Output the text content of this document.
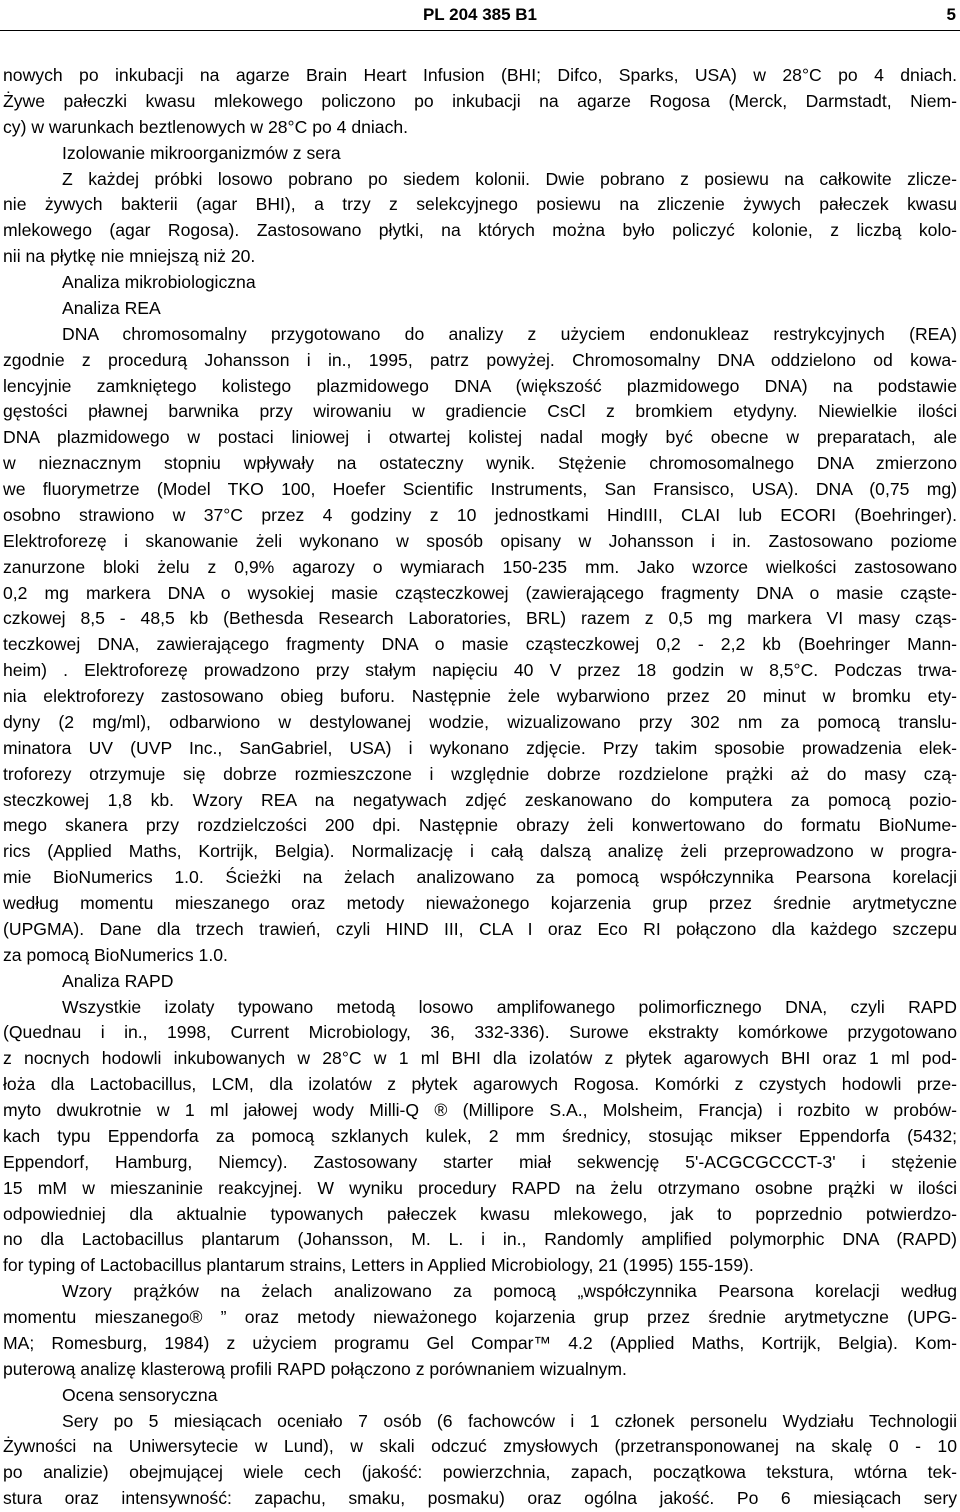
PL 204 385 B1	5
nowych po inkubacji na agarze Brain Heart Infusion (BHI; Difco, Sparks, USA) w 28°C po 4 dniach.
Żywe pałeczki kwasu mlekowego policzono po inkubacji na agarze Rogosa (Merck, Darmstadt, Niem-
cy) w warunkach beztlenowych w 28°C po 4 dniach.
Izolowanie mikroorganizmów z sera
Z każdej próbki losowo pobrano po siedem kolonii. Dwie pobrano z posiewu na całkowite zlicze-
nie żywych bakterii (agar BHI), a trzy z selekcyjnego posiewu na zliczenie żywych pałeczek kwasu
mlekowego (agar Rogosa). Zastosowano płytki, na których można było policzyć kolonie, z liczbą kolo-
nii na płytkę nie mniejszą niż 20.
Analiza mikrobiologiczna
Analiza REA
DNA chromosomalny przygotowano do analizy z użyciem endonukleaz restrykcyjnych (REA)
zgodnie z procedurą Johansson i in., 1995, patrz powyżej. Chromosomalny DNA oddzielono od kowa-
lencyjnie zamkniętego kolistego plazmidowego DNA (większość plazmidowego DNA) na podstawie
gęstości pławnej barwnika przy wirowaniu w gradiencie CsCl z bromkiem etydyny. Niewielkie ilości
DNA plazmidowego w postaci liniowej i otwartej kolistej nadal mogły być obecne w preparatach, ale
w nieznacznym stopniu wpływały na ostateczny wynik. Stężenie chromosomalnego DNA zmierzono
we fluorymetrze (Model TKO 100, Hoefer Scientific Instruments, San Fransisco, USA). DNA (0,75 mg)
osobno strawiono w 37°C przez 4 godziny z 10 jednostkami HindIII, CLAI lub ECORI (Boehringer).
Elektroforezę i skanowanie żeli wykonano w sposób opisany w Johansson i in. Zastosowano poziome
zanurzone bloki żelu z 0,9% agarozy o wymiarach 150-235 mm. Jako wzorce wielkości zastosowano
0,2 mg markera DNA o wysokiej masie cząsteczkowej (zawierającego fragmenty DNA o masie cząste-
czkowej 8,5 - 48,5 kb (Bethesda Research Laboratories, BRL) razem z 0,5 mg markera VI masy cząs-
teczkowej DNA, zawierającego fragmenty DNA o masie cząsteczkowej 0,2 - 2,2 kb (Boehringer Mann-
heim) . Elektroforezę prowadzono przy stałym napięciu 40 V przez 18 godzin w 8,5°C. Podczas trwa-
nia elektroforezy zastosowano obieg buforu. Następnie żele wybarwiono przez 20 minut w bromku ety-
dyny (2 mg/ml), odbarwiono w destylowanej wodzie, wizualizowano przy 302 nm za pomocą translu-
minatora UV (UVP Inc., SanGabriel, USA) i wykonano zdjęcie. Przy takim sposobie prowadzenia elek-
troforezy otrzymuje się dobrze rozmieszczone i względnie dobrze rozdzielone prążki aż do masy czą-
steczkowej 1,8 kb. Wzory REA na negatywach zdjęć zeskanowano do komputera za pomocą pozio-
mego skanera przy rozdzielczości 200 dpi. Następnie obrazy żeli konwertowano do formatu BioNume-
rics (Applied Maths, Kortrijk, Belgia). Normalizację i całą dalszą analizę żeli przeprowadzono w progra-
mie BioNumerics 1.0. Ścieżki na żelach analizowano za pomocą współczynnika Pearsona korelacji
według momentu mieszanego oraz metody nieważonego kojarzenia grup przez średnie arytmetyczne
(UPGMA). Dane dla trzech trawień, czyli HIND III, CLA I oraz Eco RI połączono dla każdego szczepu
za pomocą BioNumerics 1.0.
Analiza RAPD
Wszystkie izolaty typowano metodą losowo amplifowanego polimorficznego DNA, czyli RAPD
(Quednau i in., 1998, Current Microbiology, 36, 332-336). Surowe ekstrakty komórkowe przygotowano
z nocnych hodowli inkubowanych w 28°C w 1 ml BHI dla izolatów z płytek agarowych BHI oraz 1 ml pod-
łoża dla Lactobacillus, LCM, dla izolatów z płytek agarowych Rogosa. Komórki z czystych hodowli prze-
myto dwukrotnie w 1 ml jałowej wody Milli-Q ® (Millipore S.A., Molsheim, Francja) i rozbito w probów-
kach typu Eppendorfa za pomocą szklanych kulek, 2 mm średnicy, stosując mikser Eppendorfa (5432;
Eppendorf, Hamburg, Niemcy). Zastosowany starter miał sekwencję 5'-ACGCGCCCT-3' i stężenie
15 mM w mieszaninie reakcyjnej. W wyniku procedury RAPD na żelu otrzymano osobne prążki w ilości
odpowiedniej dla aktualnie typowanych pałeczek kwasu mlekowego, jak to poprzednio potwierdzo-
no dla Lactobacillus plantarum (Johansson, M. L. i in., Randomly amplified polymorphic DNA (RAPD)
for typing of Lactobacillus plantarum strains, Letters in Applied Microbiology, 21 (1995) 155-159).
Wzory prążków na żelach analizowano za pomocą „współczynnika Pearsona korelacji według
momentu mieszanego® ” oraz metody nieważonego kojarzenia grup przez średnie arytmetyczne (UPG-
MA; Romesburg, 1984) z użyciem programu Gel Compar™ 4.2 (Applied Maths, Kortrijk, Belgia). Kom-
puterową analizę klasterową profili RAPD połączono z porównaniem wizualnym.
Ocena sensoryczna
Sery po 5 miesiącach oceniało 7 osób (6 fachowców i 1 członek personelu Wydziału Technologii
Żywności na Uniwersytecie w Lund), w skali odczuć zmysłowych (przetransponowanej na skalę 0 - 10
po analizie) obejmującej wiele cech (jakość: powierzchnia, zapach, początkowa tekstura, wtórna tek-
stura oraz intensywność: zapachu, smaku, posmaku) oraz ogólna jakość. Po 6 miesiącach sery
